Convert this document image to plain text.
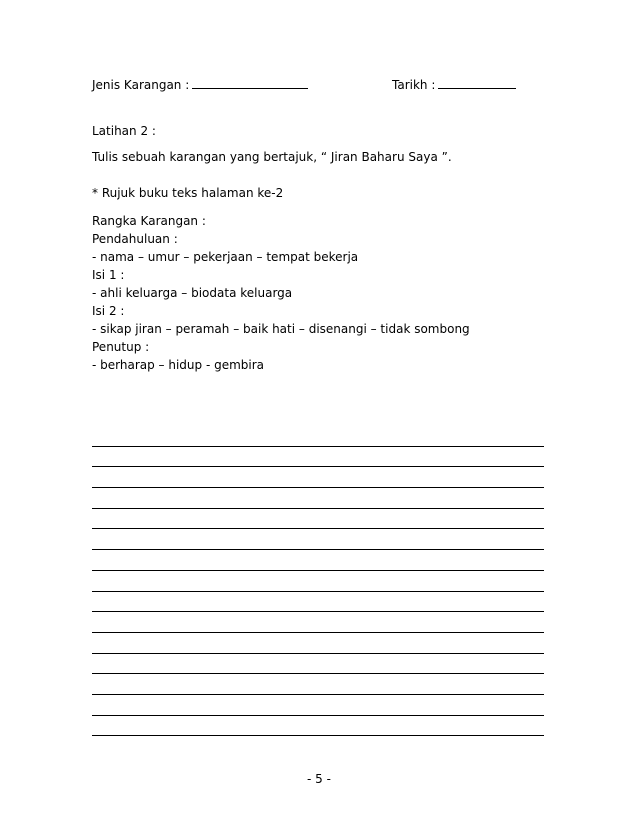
Jenis Karangan :	Tarikh :
Latihan 2 :
Tulis sebuah karangan yang bertajuk, “ Jiran Baharu Saya ”.
* Rujuk buku teks halaman ke-2
Rangka Karangan :
Pendahuluan :
- nama – umur – pekerjaan – tempat bekerja
Isi 1 :
- ahli keluarga – biodata keluarga
Isi 2 :
- sikap jiran – peramah – baik hati – disenangi – tidak sombong
Penutup :
- berharap – hidup - gembira
- 5 -
